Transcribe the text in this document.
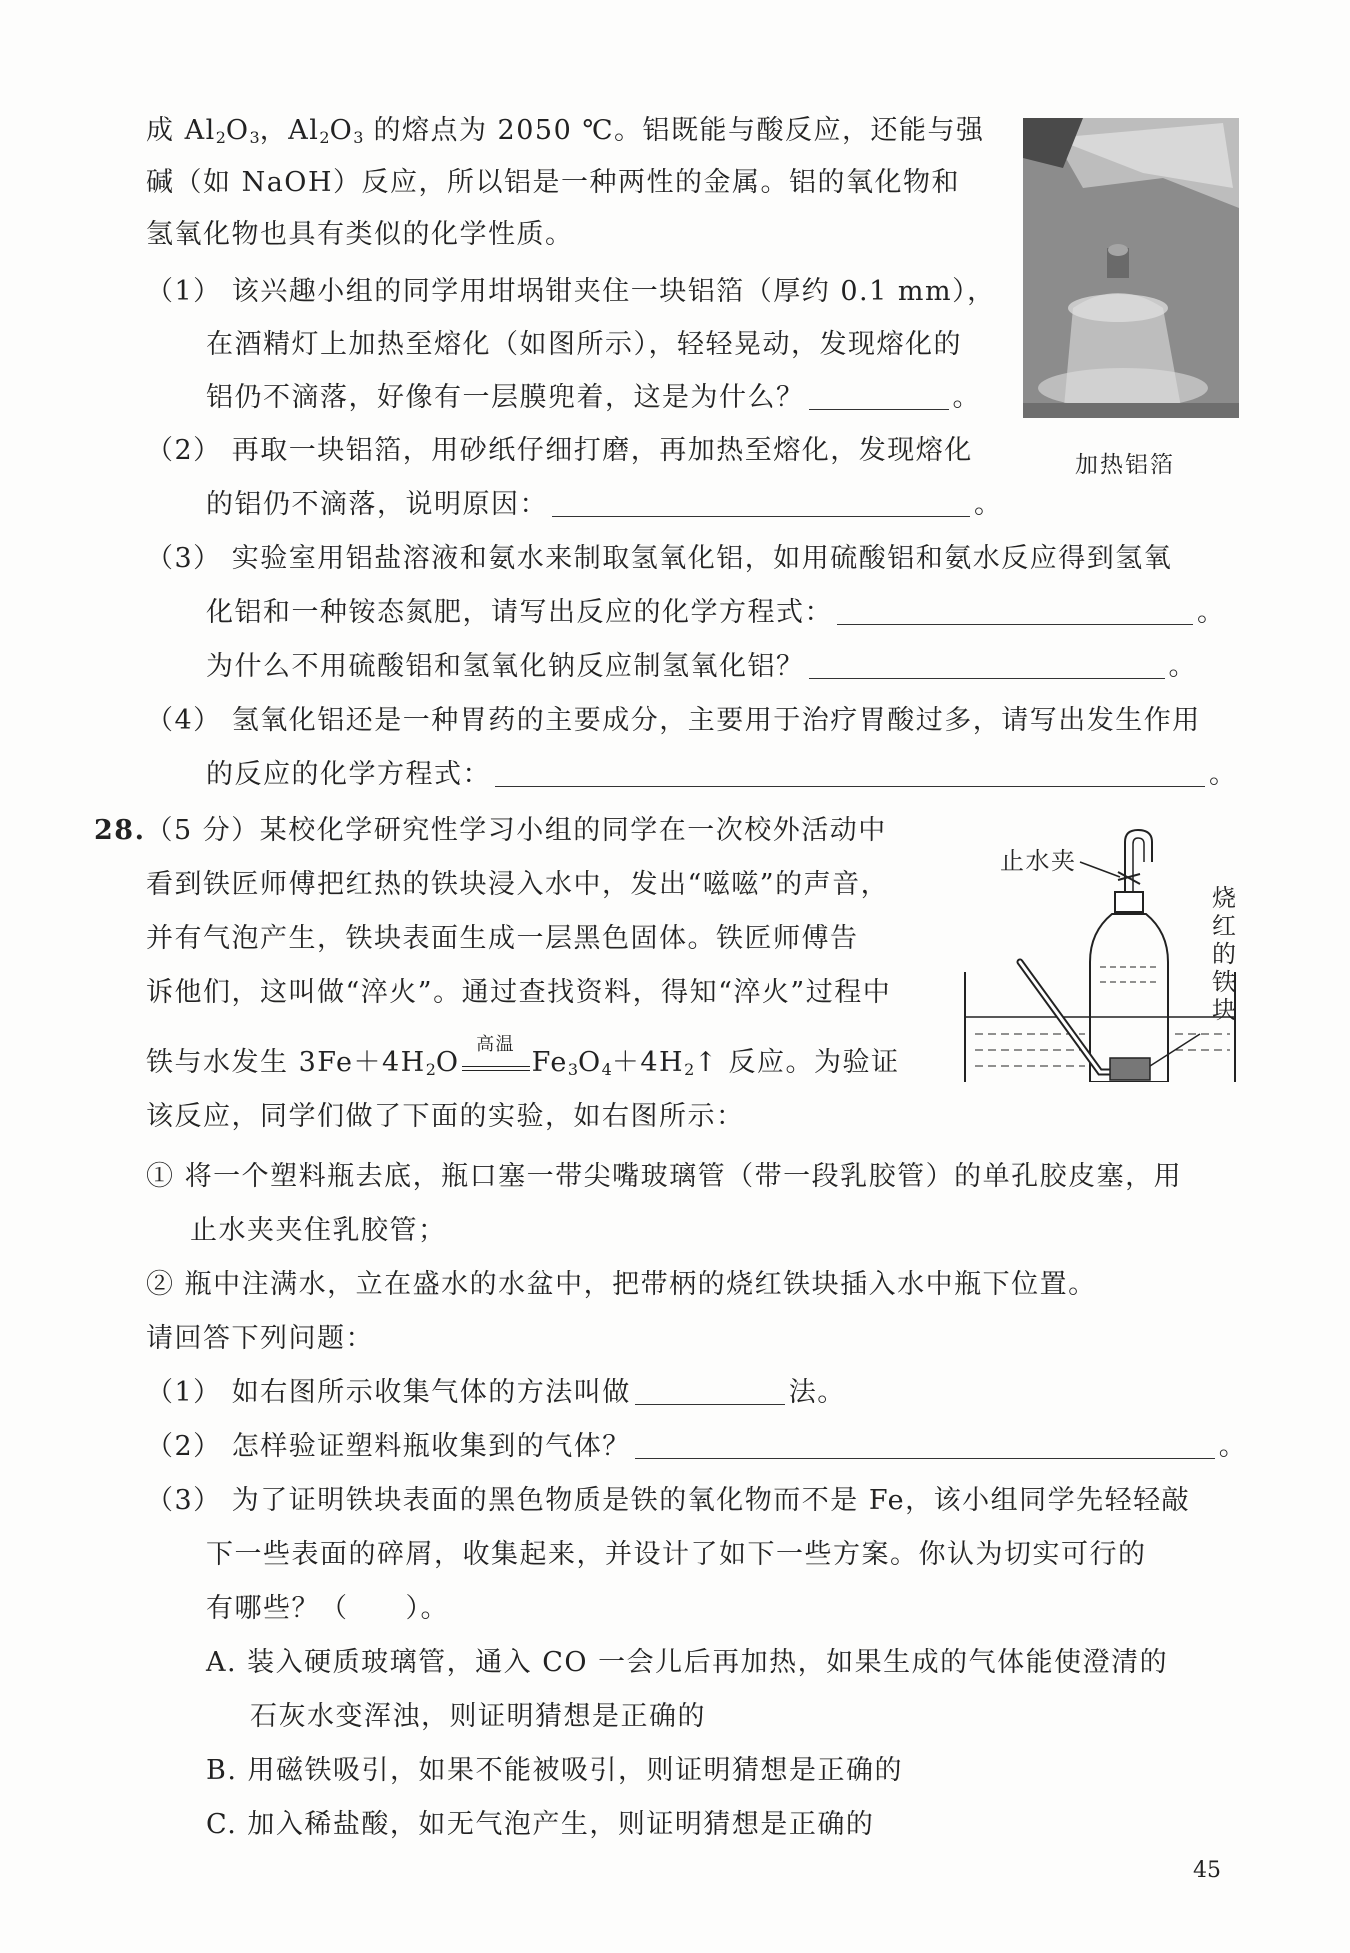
成 $Al_2O_3$，$Al_2O_3$ 的熔点为 2050 ℃。铝既能与酸反应，还能与强
碱（如 NaOH）反应，所以铝是一种两性的金属。铝的氧化物和
氢氧化物也具有类似的化学性质。
加热铝箔
（1） 该兴趣小组的同学用坩埚钳夹住一块铝箔（厚约 0.1 mm），
在酒精灯上加热至熔化（如图所示），轻轻晃动，发现熔化的
铝仍不滴落，好像有一层膜兜着，这是为什么？	。
（2） 再取一块铝箔，用砂纸仔细打磨，再加热至熔化，发现熔化
的铝仍不滴落，说明原因：	。
（3） 实验室用铝盐溶液和氨水来制取氢氧化铝，如用硫酸铝和氨水反应得到氢氧
化铝和一种铵态氮肥，请写出反应的化学方程式：	。
为什么不用硫酸铝和氢氧化钠反应制氢氧化铝？	。
（4） 氢氧化铝还是一种胃药的主要成分，主要用于治疗胃酸过多，请写出发生作用
的反应的化学方程式：	。
28.（5 分）某校化学研究性学习小组的同学在一次校外活动中
看到铁匠师傅把红热的铁块浸入水中，发出“嗞嗞”的声音，
并有气泡产生，铁块表面生成一层黑色固体。铁匠师傅告
诉他们，这叫做“淬火”。通过查找资料，得知“淬火”过程中
铁与水发生 $3Fe+4H_2O$
高温
$Fe_3O_4+4H_2↑$ 反应。为验证
该反应，同学们做了下面的实验，如右图所示：
止水夹
烧
红
的
铁
块
① 将一个塑料瓶去底，瓶口塞一带尖嘴玻璃管（带一段乳胶管）的单孔胶皮塞，用
止水夹夹住乳胶管；
② 瓶中注满水，立在盛水的水盆中，把带柄的烧红铁块插入水中瓶下位置。
请回答下列问题：
（1） 如右图所示收集气体的方法叫做	法。
（2） 怎样验证塑料瓶收集到的气体？	。
（3） 为了证明铁块表面的黑色物质是铁的氧化物而不是 Fe，该小组同学先轻轻敲
下一些表面的碎屑，收集起来，并设计了如下一些方案。你认为切实可行的
有哪些？（　　）。
A. 装入硬质玻璃管，通入 CO 一会儿后再加热，如果生成的气体能使澄清的
石灰水变浑浊，则证明猜想是正确的
B. 用磁铁吸引，如果不能被吸引，则证明猜想是正确的
C. 加入稀盐酸，如无气泡产生，则证明猜想是正确的
45
